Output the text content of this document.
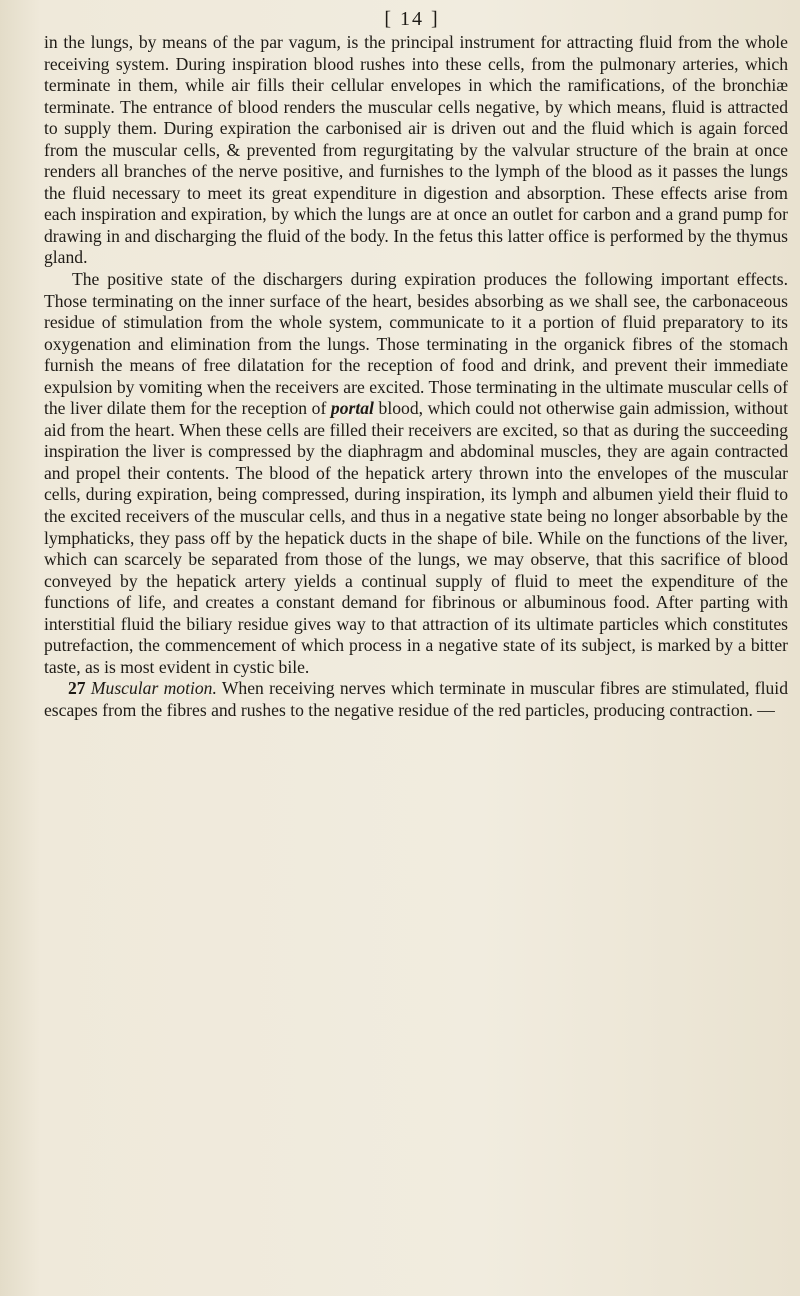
[ 14 ]

in the lungs, by means of the par vagum, is the principal instrument for attracting fluid from the whole receiving system. During inspiration blood rushes into these cells, from the pulmonary arteries, which terminate in them, while air fills their cellular envelopes in which the ramifications, of the bronchiæ terminate. The entrance of blood renders the muscular cells negative, by which means, fluid is attracted to supply them. During expiration the carbonised air is driven out and the fluid which is again forced from the muscular cells, & prevented from regurgitating by the valvular structure of the brain at once renders all branches of the nerve positive, and furnishes to the lymph of the blood as it passes the lungs the fluid necessary to meet its great expenditure in digestion and absorption. These effects arise from each inspiration and expiration, by which the lungs are at once an outlet for carbon and a grand pump for drawing in and discharging the fluid of the body. In the fetus this latter office is performed by the thymus gland.

The positive state of the dischargers during expiration produces the following important effects. Those terminating on the inner surface of the heart, besides absorbing as we shall see, the carbonaceous residue of stimulation from the whole system, communicate to it a portion of fluid preparatory to its oxygenation and elimination from the lungs. Those terminating in the organick fibres of the stomach furnish the means of free dilatation for the reception of food and drink, and prevent their immediate expulsion by vomiting when the receivers are excited. Those terminating in the ultimate muscular cells of the liver dilate them for the reception of portal blood, which could not otherwise gain admission, without aid from the heart. When these cells are filled their receivers are excited, so that as during the succeeding inspiration the liver is compressed by the diaphragm and abdominal muscles, they are again contracted and propel their contents. The blood of the hepatick artery thrown into the envelopes of the muscular cells, during expiration, being compressed, during inspiration, its lymph and albumen yield their fluid to the excited receivers of the muscular cells, and thus in a negative state being no longer absorbable by the lymphaticks, they pass off by the hepatick ducts in the shape of bile. While on the functions of the liver, which can scarcely be separated from those of the lungs, we may observe, that this sacrifice of blood conveyed by the hepatick artery yields a continual supply of fluid to meet the expenditure of the functions of life, and creates a constant demand for fibrinous or albuminous food. After parting with interstitial fluid the biliary residue gives way to that attraction of its ultimate particles which constitutes putrefaction, the commencement of which process in a negative state of its subject, is marked by a bitter taste, as is most evident in cystic bile.

27 Muscular motion. When receiving nerves which terminate in muscular fibres are stimulated, fluid escapes from the fibres and rushes to the negative residue of the red particles, producing contraction. —
